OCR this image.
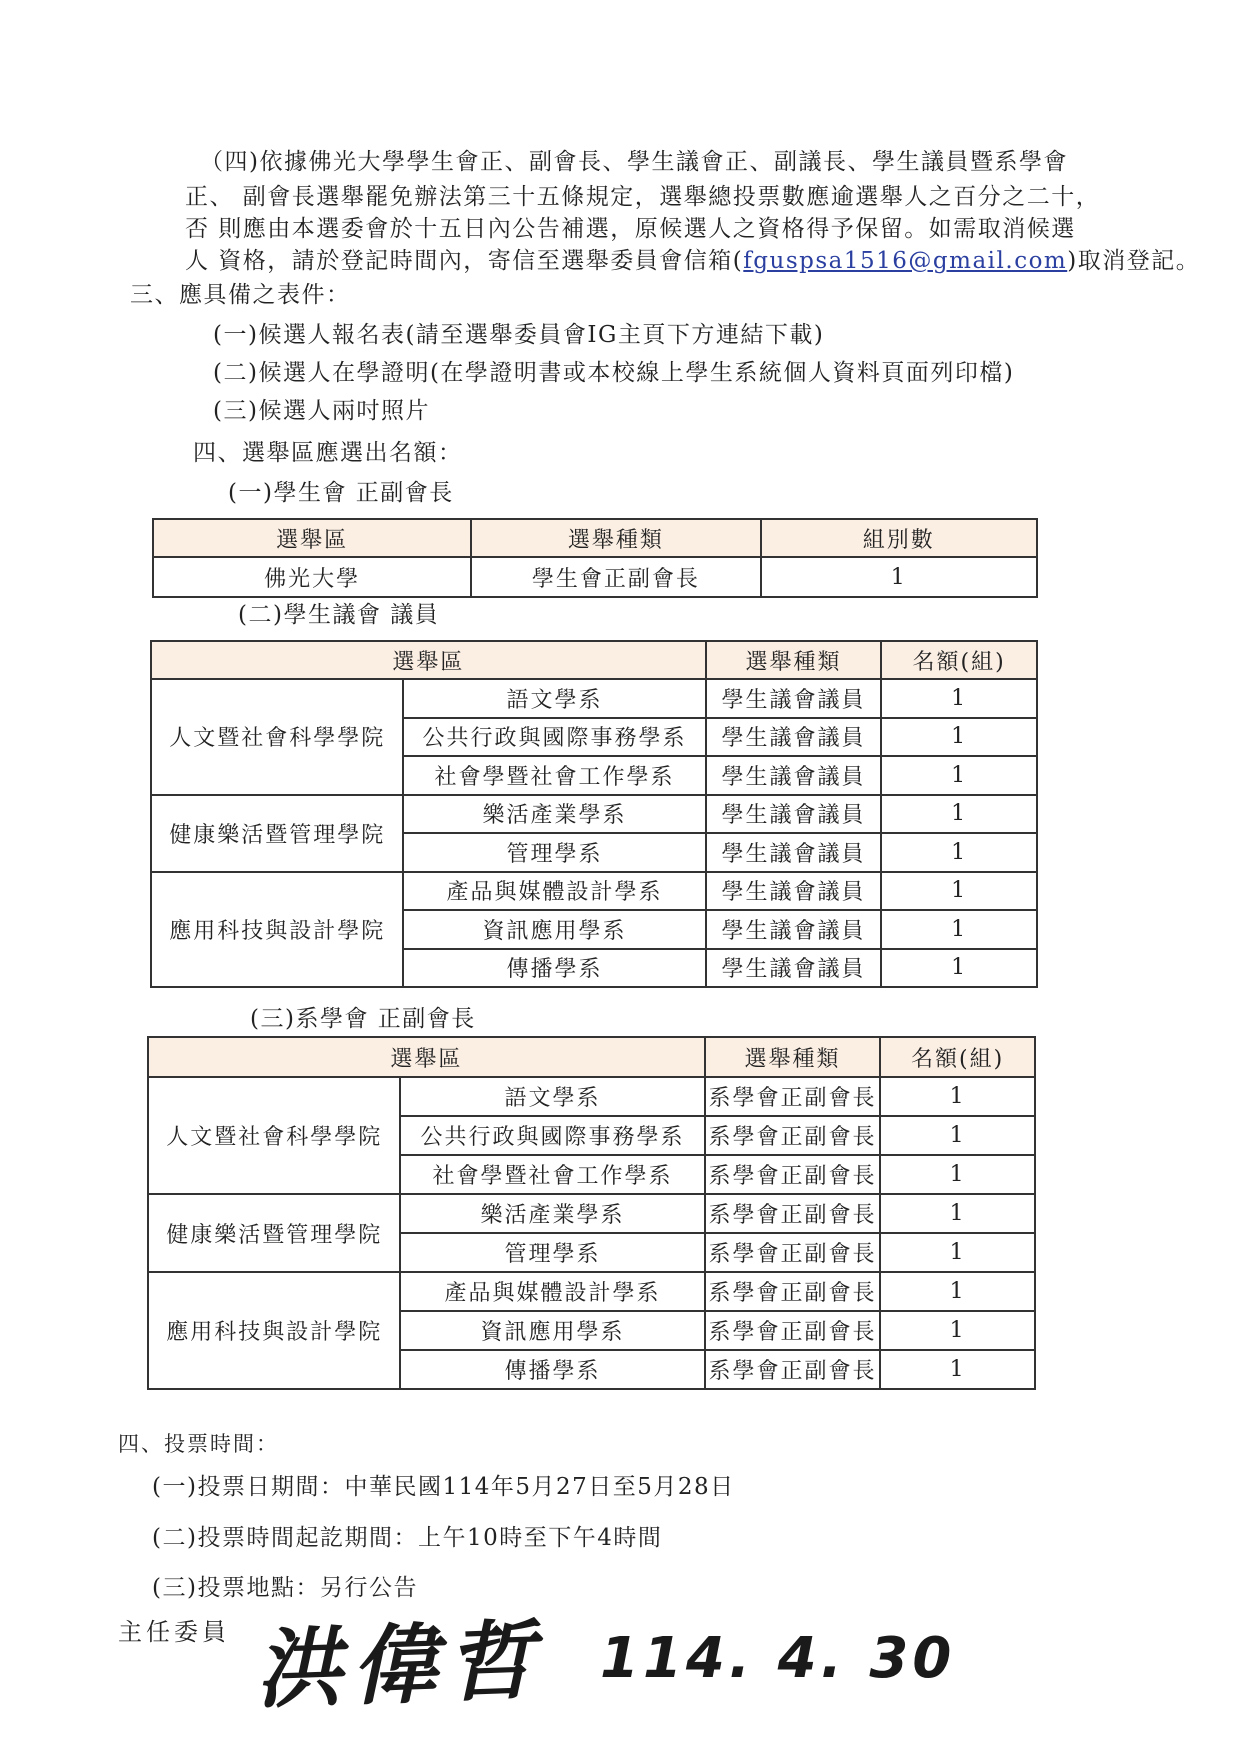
（四)依據佛光大學學生會正、副會長、學生議會正、副議長、學生議員暨系學會
正、 副會長選舉罷免辦法第三十五條規定，選舉總投票數應逾選舉人之百分之二十，
否 則應由本選委會於十五日內公告補選，原候選人之資格得予保留。如需取消候選
人 資格，請於登記時間內，寄信至選舉委員會信箱(fguspsa1516@gmail.com)取消登記。
三、應具備之表件：
(一)候選人報名表(請至選舉委員會IG主頁下方連結下載)
(二)候選人在學證明(在學證明書或本校線上學生系統個人資料頁面列印檔)
(三)候選人兩吋照片
四、選舉區應選出名額：
(一)學生會 正副會長
選舉區	選舉種類	組別數
佛光大學	學生會正副會長	1
(二)學生議會 議員
選舉區		選舉種類	名額(組)
人文暨社會科學學院	語文學系	學生議會議員	1
	公共行政與國際事務學系	學生議會議員	1
	社會學暨社會工作學系	學生議會議員	1
健康樂活暨管理學院	樂活產業學系	學生議會議員	1
	管理學系	學生議會議員	1
應用科技與設計學院	產品與媒體設計學系	學生議會議員	1
	資訊應用學系	學生議會議員	1
	傳播學系	學生議會議員	1
(三)系學會 正副會長
選舉區		選舉種類	名額(組)
人文暨社會科學學院	語文學系	系學會正副會長	1
	公共行政與國際事務學系	系學會正副會長	1
	社會學暨社會工作學系	系學會正副會長	1
健康樂活暨管理學院	樂活產業學系	系學會正副會長	1
	管理學系	系學會正副會長	1
應用科技與設計學院	產品與媒體設計學系	系學會正副會長	1
	資訊應用學系	系學會正副會長	1
	傳播學系	系學會正副會長	1
四、投票時間：
(一)投票日期間：中華民國114年5月27日至5月28日
(二)投票時間起訖期間：上午10時至下午4時間
(三)投票地點：另行公告
主任委員 洪偉哲 114. 4. 30
